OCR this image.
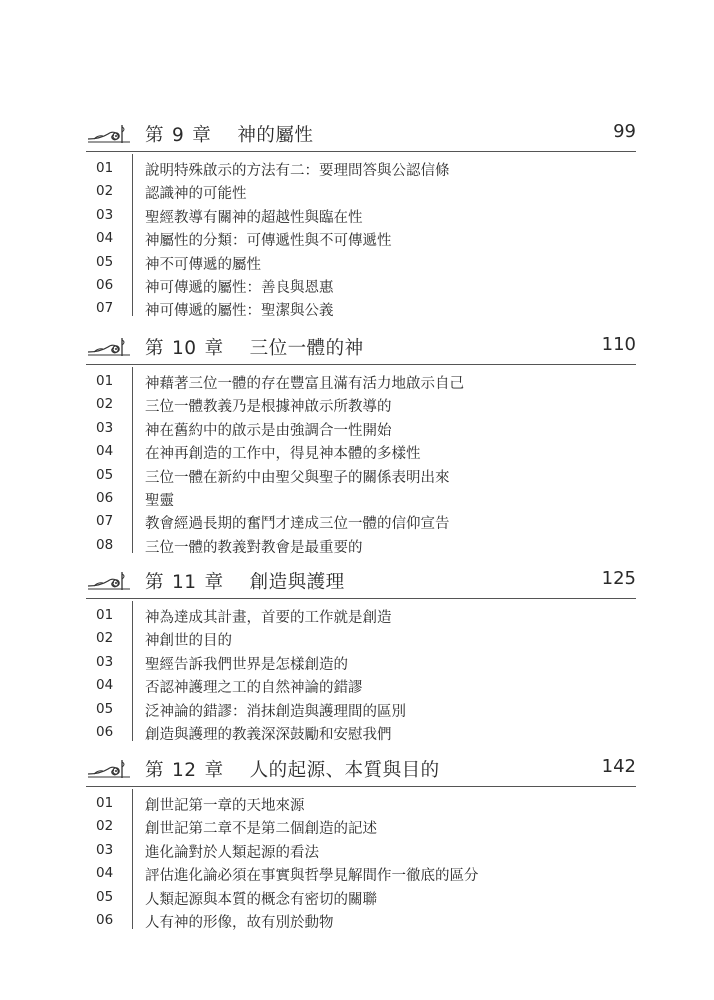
第 9 章 神的屬性	99
01	說明特殊啟示的方法有二：要理問答與公認信條
02	認識神的可能性
03	聖經教導有關神的超越性與臨在性
04	神屬性的分類：可傳遞性與不可傳遞性
05	神不可傳遞的屬性
06	神可傳遞的屬性：善良與恩惠
07	神可傳遞的屬性：聖潔與公義
第 10 章 三位一體的神	110
01	神藉著三位一體的存在豐富且滿有活力地啟示自己
02	三位一體教義乃是根據神啟示所教導的
03	神在舊約中的啟示是由強調合一性開始
04	在神再創造的工作中，得見神本體的多樣性
05	三位一體在新約中由聖父與聖子的關係表明出來
06	聖靈
07	教會經過長期的奮鬥才達成三位一體的信仰宣告
08	三位一體的教義對教會是最重要的
第 11 章 創造與護理	125
01	神為達成其計畫，首要的工作就是創造
02	神創世的目的
03	聖經告訴我們世界是怎樣創造的
04	否認神護理之工的自然神論的錯謬
05	泛神論的錯謬：消抹創造與護理間的區別
06	創造與護理的教義深深鼓勵和安慰我們
第 12 章 人的起源、本質與目的	142
01	創世記第一章的天地來源
02	創世記第二章不是第二個創造的記述
03	進化論對於人類起源的看法
04	評估進化論必須在事實與哲學見解間作一徹底的區分
05	人類起源與本質的概念有密切的關聯
06	人有神的形像，故有別於動物
